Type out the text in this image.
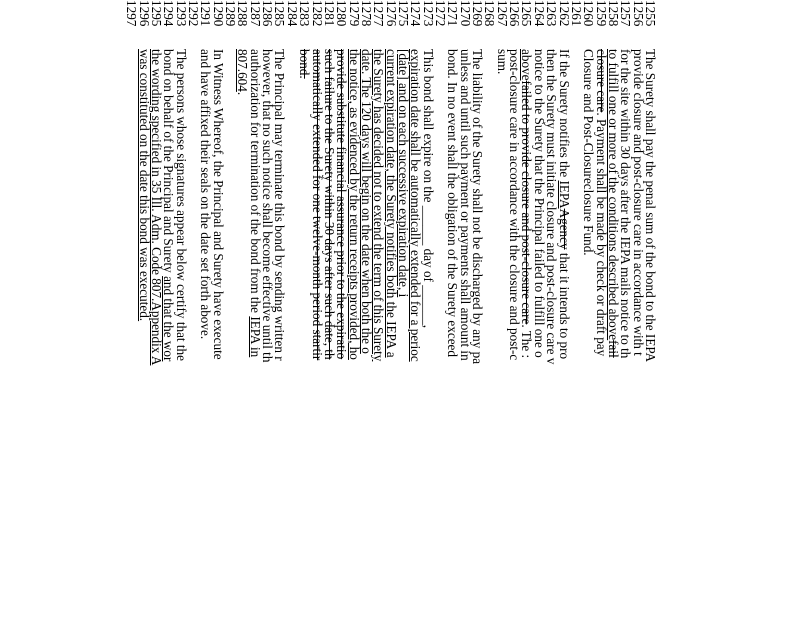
1255
The Surety shall pay the penal sum of the bond to the IEPA
1256
provide closure and post-closure care in accordance with t
1257
for the site within 30 days after the IEPA mails notice to th
1258
to fulfill one or more of the conditions described abovefail
1259
closure care. Payment shall be made by check or draft pay
1260
Closure and Post-Closureclosure Fund.
1261
1262
If the Surety notifies the IEPAAgency that it intends to pro
1263
then the Surety must initiate closure and post-closure care v
1264
notice to the Surety that the Principal failed to fulfill one o
1265
abovefailed to provide closure and post-closure care. The :
1266
post-closure care in accordance with the closure and post-c
1267
sum.
1268
1269
The liability of the Surety shall not be discharged by any pa
1270
unless and until such payment or payments shall amount in
1271
bond. In no event shall the obligation of the Surety exceed
1272
1273
This bond shall expire on the ______ day of ______,
1274
expiration date shall be automatically extended for a perioc
1275
[date] and on each successive expiration date, i
1276
current expiration date, the Surety notifies both the IEPA a
1277
the Surety has decided not to extend the term of this Surety
1278
date. The 120 days will begin on the date when both the o
1279
the notice, as evidenced by the return receipts provided, ho
1280
provide substitute financial assurance prior to the expiratio
1281
such failure to the Surety within 30 days after such date, th
1282
automatically extended for one twelve-month period startir
1283
bond.
1284
1285
The Principal may terminate this bond by sending written r
1286
however, that no such notice shall become effective until th
1287
authorization for termination of the bond from the IEPA in
1288
807.604.
1289
1290
In Witness Whereof, the Principal and Surety have execute
1291
and have affixed their seals on the date set forth above.
1292
1293
The persons whose signatures appear below certify that the
1294
bond on behalf of the Principal and Surety and that the wor
1295
the wording specified in 35 Ill. Adm. Code 807.Appendix A
1296
was constituted on the date this bond was executed.
1297
